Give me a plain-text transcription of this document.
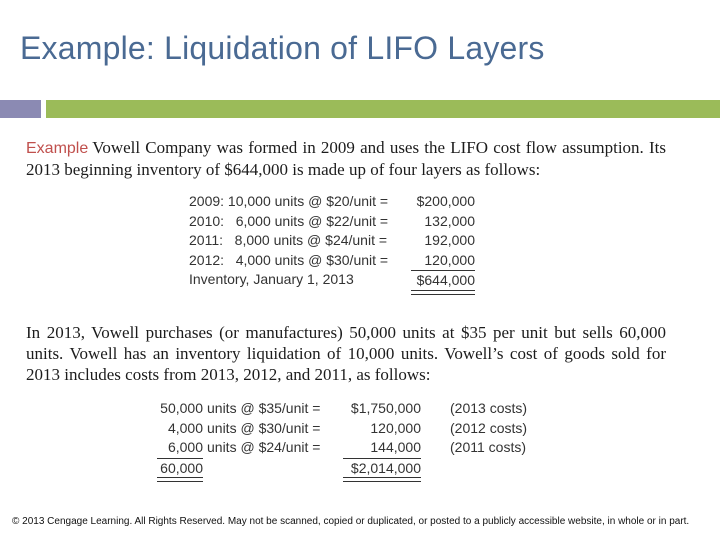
Example: Liquidation of LIFO Layers
Example Vowell Company was formed in 2009 and uses the LIFO cost flow assumption. Its 2013 beginning inventory of $644,000 is made up of four layers as follows:
2009: 10,000 units @ $20/unit =	$200,000
2010:   6,000 units @ $22/unit =	132,000
2011:   8,000 units @ $24/unit =	192,000
2012:   4,000 units @ $30/unit =	120,000
Inventory, January 1, 2013	$644,000
In 2013, Vowell purchases (or manufactures) 50,000 units at $35 per unit but sells 60,000 units. Vowell has an inventory liquidation of 10,000 units. Vowell’s cost of goods sold for 2013 includes costs from 2013, 2012, and 2011, as follows:
50,000 units @ $35/unit =	$1,750,000 (2013 costs)
4,000 units @ $30/unit =	120,000 (2012 costs)
6,000 units @ $24/unit =	144,000 (2011 costs)
60,000	$2,014,000
© 2013 Cengage Learning. All Rights Reserved. May not be scanned, copied or duplicated, or posted to a publicly accessible website, in whole or in part.
